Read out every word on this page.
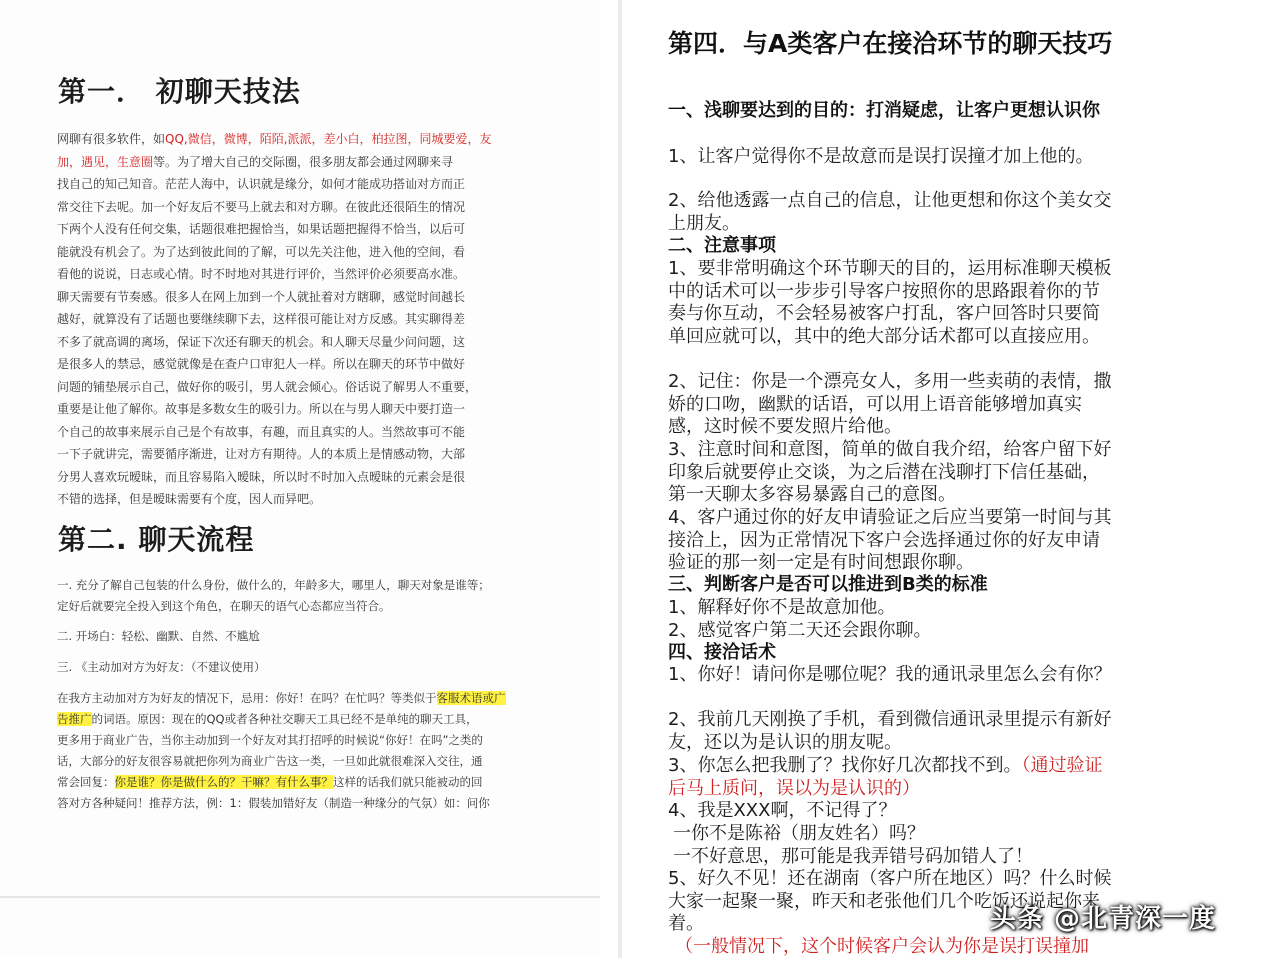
第一． 初聊天技法
网聊有很多软件，如QQ,微信，微博，陌陌,派派，差小白，柏拉图，同城要爱，友加，遇见，生意圈等。为了增大自己的交际圈，很多朋友都会通过网聊来寻
找自己的知己知音。茫茫人海中，认识就是缘分，如何才能成功搭讪对方而正
常交往下去呢。加一个好友后不要马上就去和对方聊。在彼此还很陌生的情况
下两个人没有任何交集，话题很难把握恰当，如果话题把握得不恰当，以后可
能就没有机会了。为了达到彼此间的了解，可以先关注他，进入他的空间，看
看他的说说，日志或心情。时不时地对其进行评价，当然评价必须要高水准。
聊天需要有节奏感。很多人在网上加到一个人就扯着对方瞎聊，感觉时间越长
越好，就算没有了话题也要继续聊下去，这样很可能让对方反感。其实聊得差
不多了就高调的离场，保证下次还有聊天的机会。和人聊天尽量少问问题，这
是很多人的禁忌，感觉就像是在查户口审犯人一样。所以在聊天的环节中做好
问题的铺垫展示自己，做好你的吸引，男人就会倾心。俗话说了解男人不重要，
重要是让他了解你。故事是多数女生的吸引力。所以在与男人聊天中要打造一
个自己的故事来展示自己是个有故事，有趣，而且真实的人。当然故事可不能
一下子就讲完，需要循序渐进，让对方有期待。人的本质上是情感动物，大部
分男人喜欢玩暧昧，而且容易陷入暧昧，所以时不时加入点暧昧的元素会是很
不错的选择，但是暧昧需要有个度，因人而异吧。
第二. 聊天流程
一. 充分了解自己包装的什么身份，做什么的，年龄多大，哪里人，聊天对象是谁等；
定好后就要完全投入到这个角色，在聊天的语气心态都应当符合。
二. 开场白：轻松、幽默、自然、不尴尬
三. 《主动加对方为好友：（不建议使用）
在我方主动加对方为好友的情况下，忌用：你好！在吗？在忙吗？等类似于客服术语或广告推广的词语。原因：现在的QQ或者各种社交聊天工具已经不是单纯的聊天工具，
更多用于商业广告，当你主动加到一个好友对其打招呼的时候说“你好！在吗”之类的
话，大部分的好友很容易就把你列为商业广告这一类，一旦如此就很难深入交往，通
常会回复：你是谁？你是做什么的？干嘛？有什么事？这样的话我们就只能被动的回
答对方各种疑问！推荐方法，例：1：假装加错好友（制造一种缘分的气氛）如：问你
第四．与A类客户在接洽环节的聊天技巧
一、浅聊要达到的目的：打消疑虑，让客户更想认识你
1、让客户觉得你不是故意而是误打误撞才加上他的。
2、给他透露一点自己的信息，让他更想和你这个美女交上朋友。
二、注意事项
1、要非常明确这个环节聊天的目的，运用标准聊天模板中的话术可以一步步引导客户按照你的思路跟着你的节奏与你互动，不会轻易被客户打乱，客户回答时只要简单回应就可以，其中的绝大部分话术都可以直接应用。
2、记住：你是一个漂亮女人，多用一些卖萌的表情，撒娇的口吻，幽默的话语，可以用上语音能够增加真实感，这时候不要发照片给他。
3、注意时间和意图，简单的做自我介绍，给客户留下好印象后就要停止交谈，为之后潜在浅聊打下信任基础，第一天聊太多容易暴露自己的意图。
4、客户通过你的好友申请验证之后应当要第一时间与其接洽上，因为正常情况下客户会选择通过你的好友申请验证的那一刻一定是有时间想跟你聊。
三、判断客户是否可以推进到B类的标准
1、解释好你不是故意加他。
2、感觉客户第二天还会跟你聊。
四、接洽话术
1、你好！请问你是哪位呢？我的通讯录里怎么会有你？
2、我前几天刚换了手机，看到微信通讯录里提示有新好友，还以为是认识的朋友呢。
3、你怎么把我删了？找你好几次都找不到。（通过验证后马上质问，误以为是认识的）
4、我是XXX啊，不记得了？
一你不是陈裕（朋友姓名）吗？
一不好意思，那可能是我弄错号码加错人了！
5、好久不见！还在湖南（客户所在地区）吗？什么时候大家一起聚一聚，昨天和老张他们几个吃饭还说起你来着。
（一般情况下，这个时候客户会认为你是误打误撞加
头条 @北青深一度
